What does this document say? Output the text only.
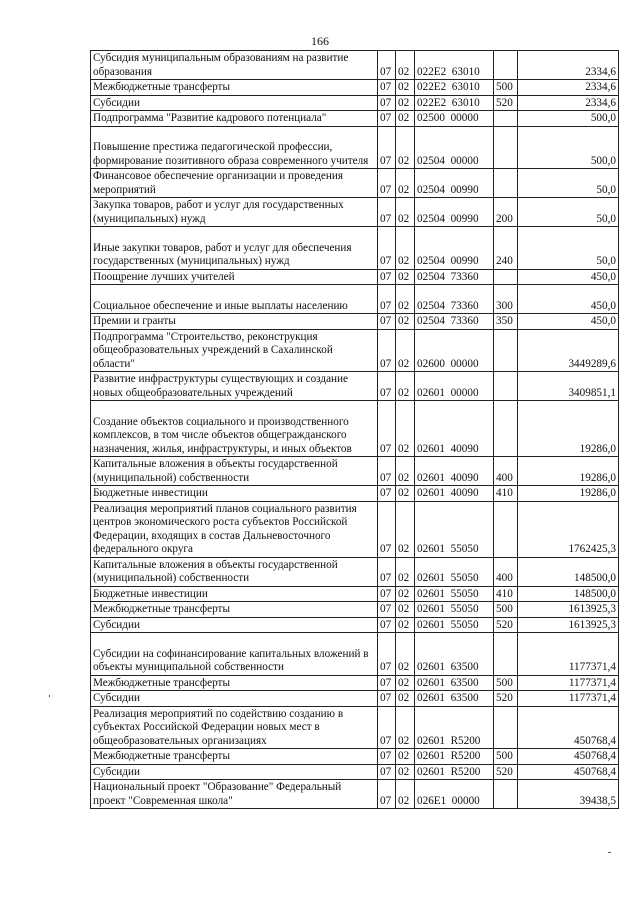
166
Субсидия муниципальным образованиям на развитие образования	07	02	022E2  63010		2334,6
Межбюджетные трансферты	07	02	022E2  63010	500	2334,6
Субсидии	07	02	022E2  63010	520	2334,6
Подпрограмма "Развитие кадрового потенциала"	07	02	02500  00000		500,0
Повышение престижа педагогической профессии, формирование позитивного образа современного учителя	07	02	02504  00000		500,0
Финансовое обеспечение организации и проведения мероприятий	07	02	02504  00990		50,0
Закупка товаров, работ и услуг для государственных (муниципальных) нужд	07	02	02504  00990	200	50,0
Иные закупки товаров, работ и услуг для обеспечения государственных (муниципальных) нужд	07	02	02504  00990	240	50,0
Поощрение лучших учителей	07	02	02504  73360		450,0
Социальное обеспечение и иные выплаты населению	07	02	02504  73360	300	450,0
Премии и гранты	07	02	02504  73360	350	450,0
Подпрограмма "Строительство, реконструкция общеобразовательных учреждений в Сахалинской области"	07	02	02600  00000		3449289,6
Развитие инфраструктуры существующих и создание новых общеобразовательных учреждений	07	02	02601  00000		3409851,1
Создание объектов социального и производственного комплексов, в том числе объектов общегражданского назначения, жилья, инфраструктуры, и иных объектов	07	02	02601  40090		19286,0
Капитальные вложения в объекты государственной (муниципальной) собственности	07	02	02601  40090	400	19286,0
Бюджетные инвестиции	07	02	02601  40090	410	19286,0
Реализация мероприятий планов социального развития центров экономического роста субъектов Российской Федерации, входящих в состав Дальневосточного федерального округа	07	02	02601  55050		1762425,3
Капитальные вложения в объекты государственной (муниципальной) собственности	07	02	02601  55050	400	148500,0
Бюджетные инвестиции	07	02	02601  55050	410	148500,0
Межбюджетные трансферты	07	02	02601  55050	500	1613925,3
Субсидии	07	02	02601  55050	520	1613925,3
Субсидии на софинансирование капитальных вложений в объекты муниципальной собственности	07	02	02601  63500		1177371,4
Межбюджетные трансферты	07	02	02601  63500	500	1177371,4
Субсидии	07	02	02601  63500	520	1177371,4
Реализация мероприятий по содействию созданию в субъектах Российской Федерации новых мест в общеобразовательных организациях	07	02	02601  R5200		450768,4
Межбюджетные трансферты	07	02	02601  R5200	500	450768,4
Субсидии	07	02	02601  R5200	520	450768,4
Национальный проект "Образование" Федеральный проект "Современная школа"	07	02	026E1  00000		39438,5
